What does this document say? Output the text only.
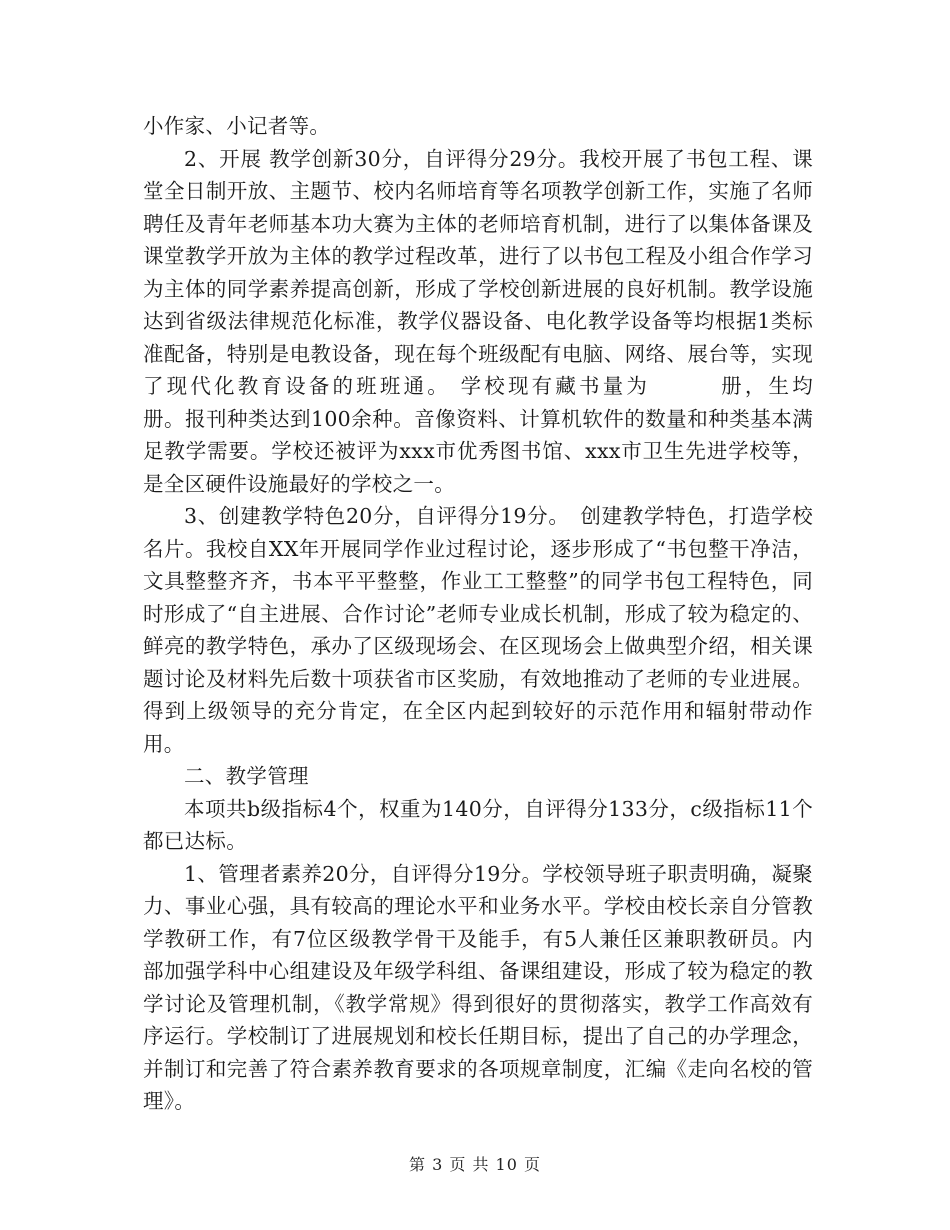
小作家、小记者等。

2、开展 教学创新30分，自评得分29分。我校开展了书包工程、课堂全日制开放、主题节、校内名师培育等名项教学创新工作，实施了名师聘任及青年老师基本功大赛为主体的老师培育机制，进行了以集体备课及课堂教学开放为主体的教学过程改革，进行了以书包工程及小组合作学习为主体的同学素养提高创新，形成了学校创新进展的良好机制。教学设施达到省级法律规范化标准，教学仪器设备、电化教学设备等均根据1类标准配备，特别是电教设备，现在每个班级配有电脑、网络、展台等，实现了现代化教育设备的班班通。 学校现有藏书量为　　　册，生均　　　册。报刊种类达到100余种。音像资料、计算机软件的数量和种类基本满足教学需要。学校还被评为xxx市优秀图书馆、xxx市卫生先进学校等，是全区硬件设施最好的学校之一。

3、创建教学特色20分，自评得分19分。　创建教学特色，打造学校名片。我校自XX年开展同学作业过程讨论，逐步形成了“书包整干净洁，文具整整齐齐，书本平平整整，作业工工整整”的同学书包工程特色，同时形成了“自主进展、合作讨论”老师专业成长机制，形成了较为稳定的、鲜亮的教学特色，承办了区级现场会、在区现场会上做典型介绍，相关课题讨论及材料先后数十项获省市区奖励，有效地推动了老师的专业进展。得到上级领导的充分肯定，在全区内起到较好的示范作用和辐射带动作用。

二、教学管理

本项共b级指标4个，权重为140分，自评得分133分，c级指标11个都已达标。

1、管理者素养20分，自评得分19分。学校领导班子职责明确，凝聚力、事业心强，具有较高的理论水平和业务水平。学校由校长亲自分管教学教研工作，有7位区级教学骨干及能手，有5人兼任区兼职教研员。内部加强学科中心组建设及年级学科组、备课组建设，形成了较为稳定的教学讨论及管理机制，《教学常规》得到很好的贯彻落实，教学工作高效有序运行。学校制订了进展规划和校长任期目标，提出了自己的办学理念，并制订和完善了符合素养教育要求的各项规章制度，汇编《走向名校的管理》。

第 3 页 共 10 页
